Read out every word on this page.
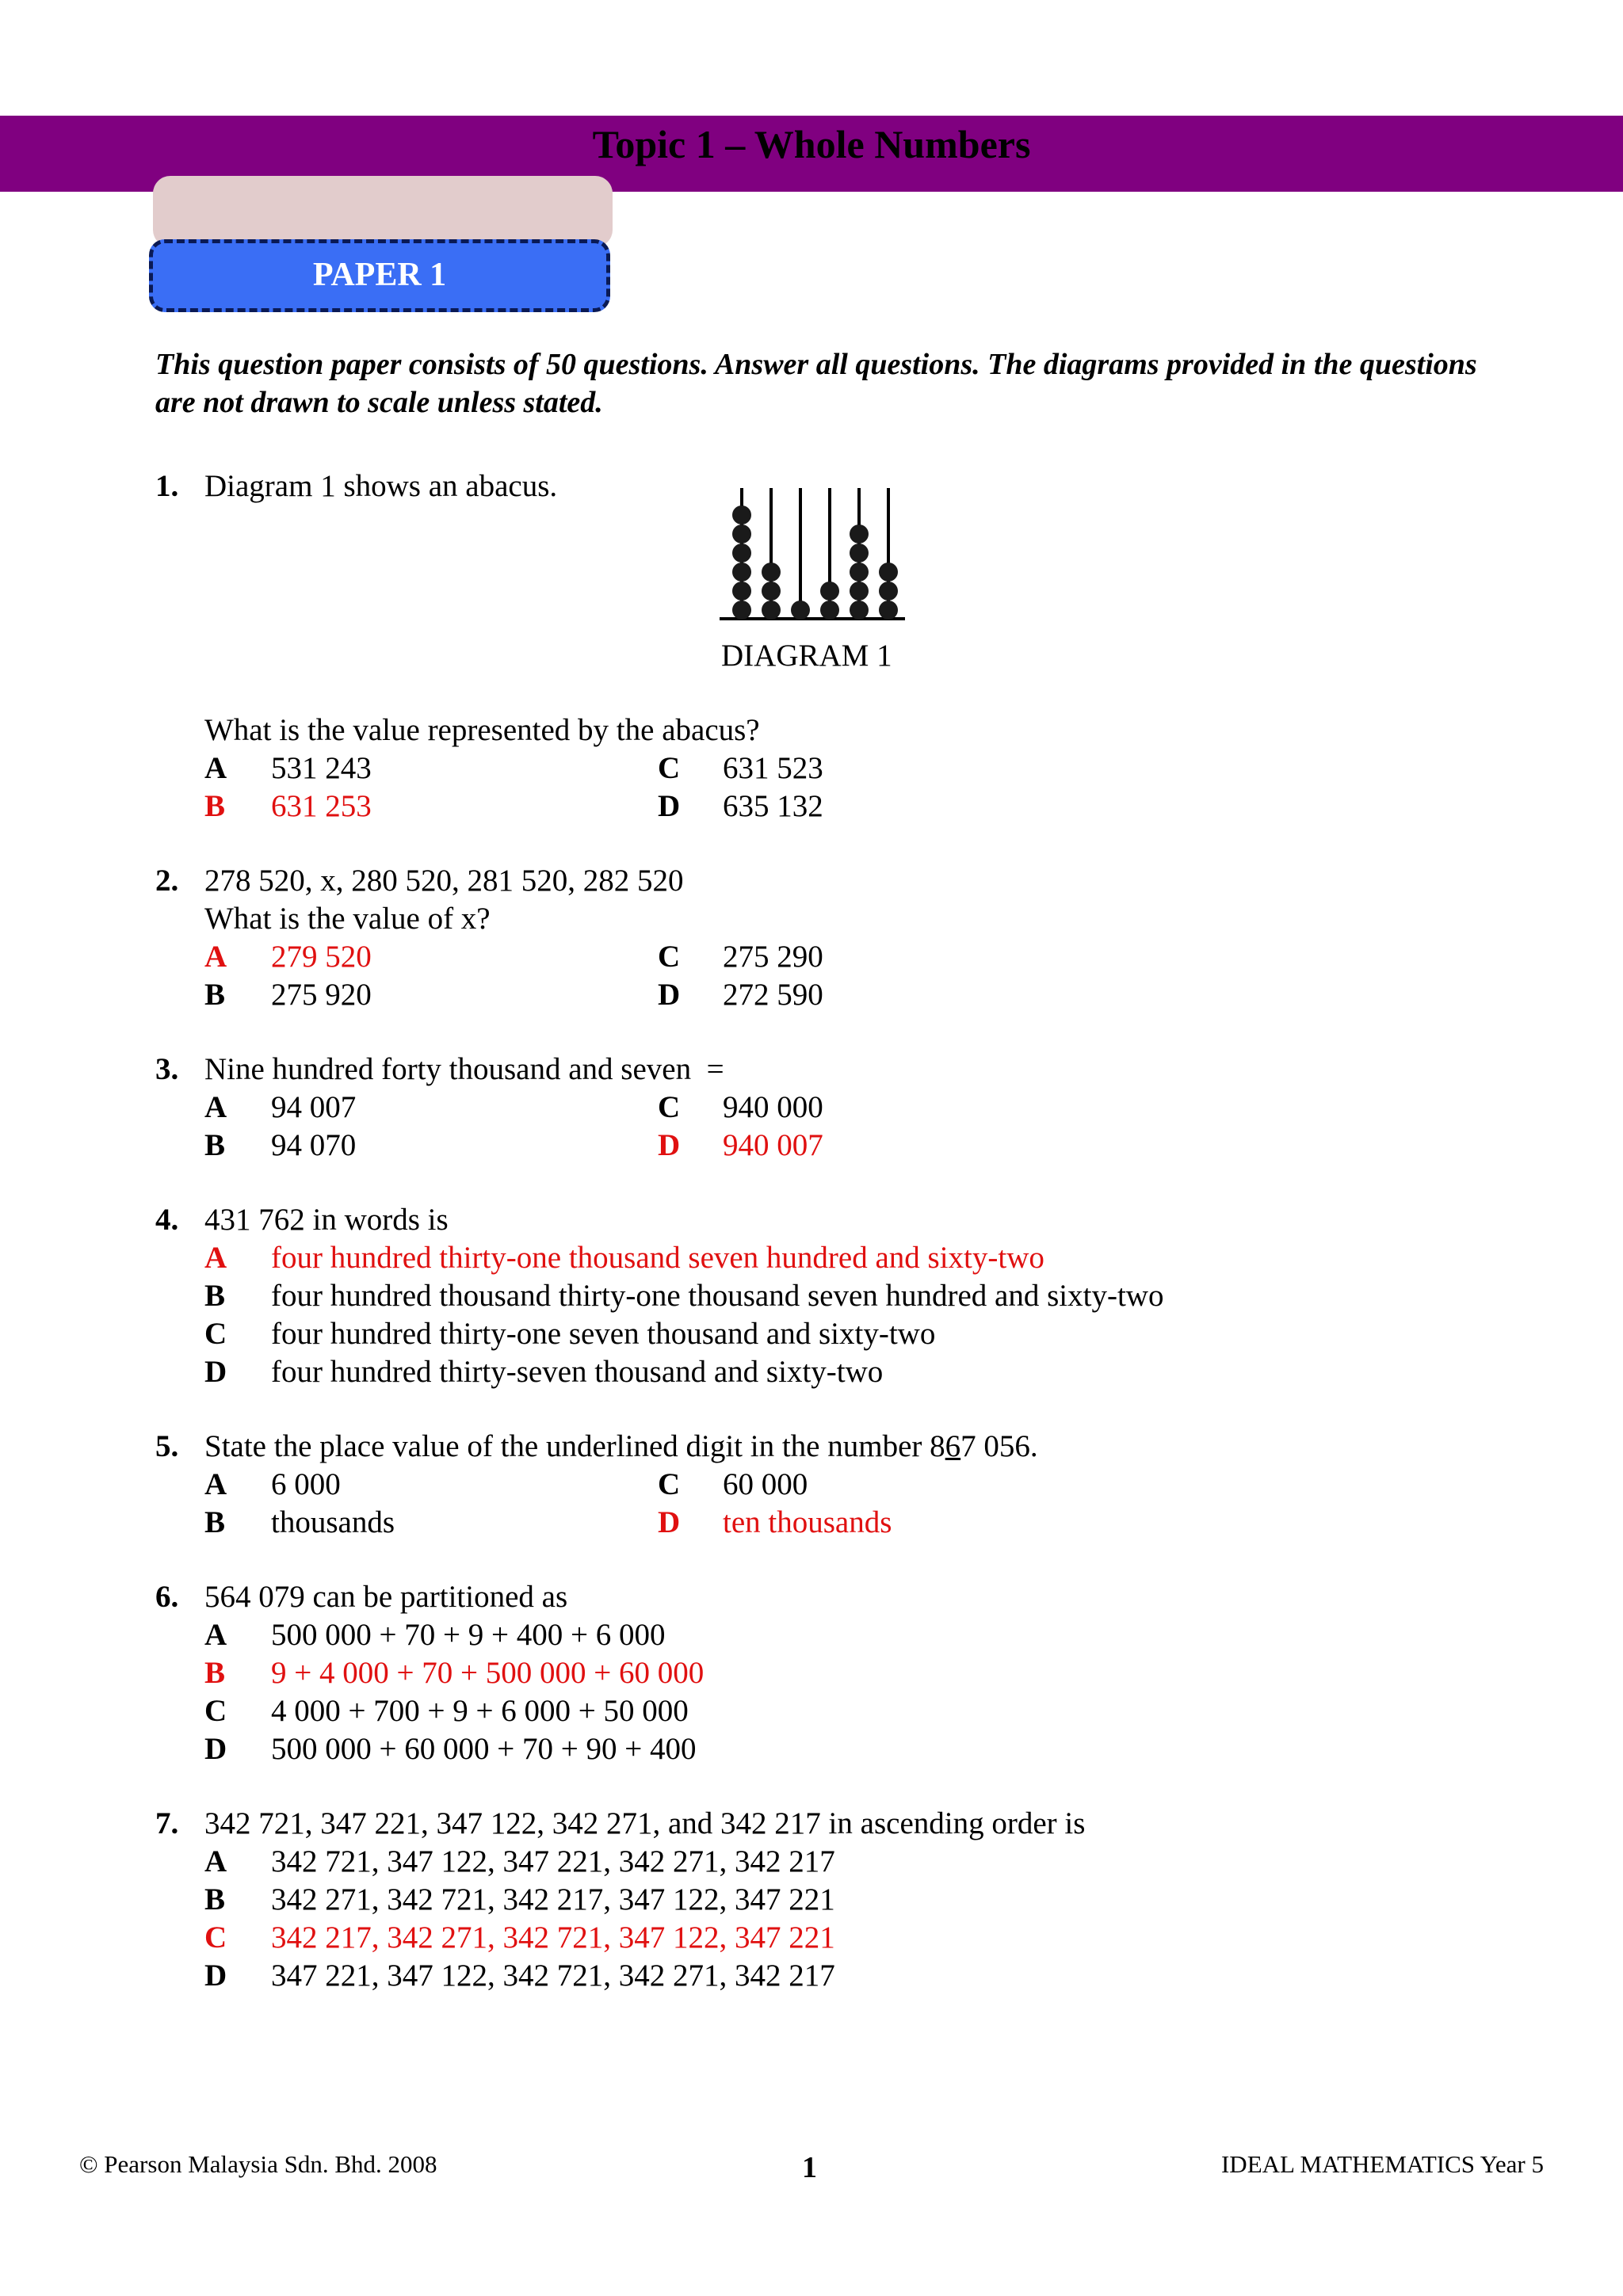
Topic 1 – Whole Numbers
PAPER 1
This question paper consists of 50 questions. Answer all questions. The diagrams provided in the questions are not drawn to scale unless stated.
1. Diagram 1 shows an abacus.
DIAGRAM 1
What is the value represented by the abacus?
A 531 243
B 631 253
C 631 523
D 635 132
2. 278 520, x, 280 520, 281 520, 282 520
What is the value of x?
A 279 520
B 275 920
C 275 290
D 272 590
3. Nine hundred forty thousand and seven  =
A 94 007
B 94 070
C 940 000
D 940 007
4. 431 762 in words is
A four hundred thirty-one thousand seven hundred and sixty-two
B four hundred thousand thirty-one thousand seven hundred and sixty-two
C four hundred thirty-one seven thousand and sixty-two
D four hundred thirty-seven thousand and sixty-two
5. State the place value of the underlined digit in the number 867 056.
A 6 000
B thousands
C 60 000
D ten thousands
6. 564 079 can be partitioned as
A 500 000 + 70 + 9 + 400 + 6 000
B 9 + 4 000 + 70 + 500 000 + 60 000
C 4 000 + 700 + 9 + 6 000 + 50 000
D 500 000 + 60 000 + 70 + 90 + 400
7. 342 721, 347 221, 347 122, 342 271, and 342 217 in ascending order is
A 342 721, 347 122, 347 221, 342 271, 342 217
B 342 271, 342 721, 342 217, 347 122, 347 221
C 342 217, 342 271, 342 721, 347 122, 347 221
D 347 221, 347 122, 342 721, 342 271, 342 217
© Pearson Malaysia Sdn. Bhd. 2008	1	IDEAL MATHEMATICS Year 5
